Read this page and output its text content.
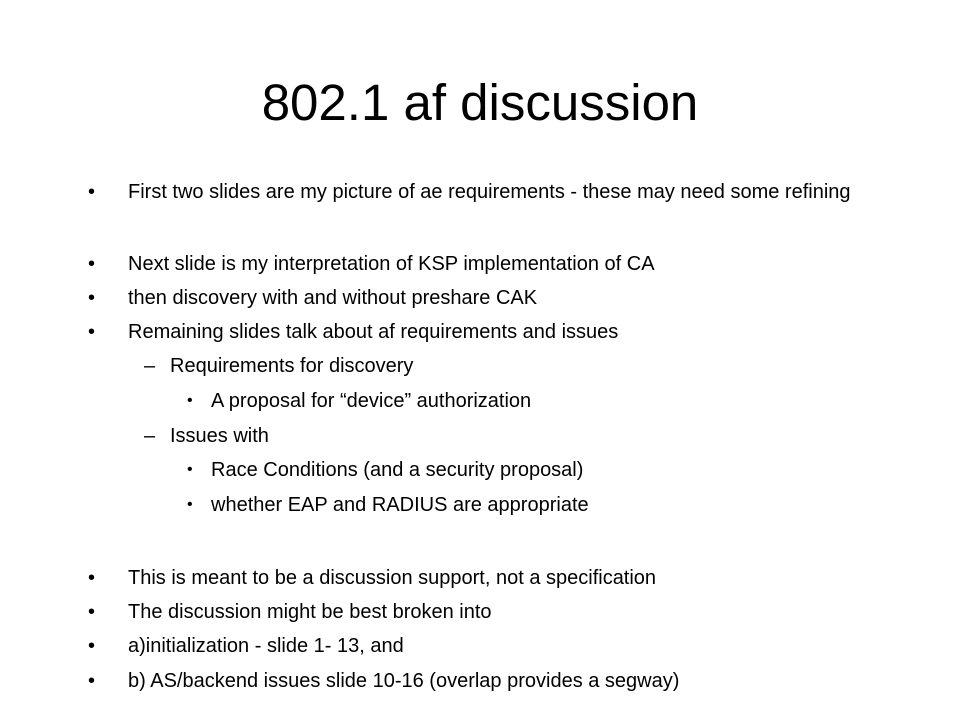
802.1 af discussion
• First two slides are my picture of ae requirements - these may need some refining
• Next slide is my interpretation of KSP implementation of CA
• then discovery with and without preshare CAK
• Remaining slides talk about af requirements and issues
– Requirements for discovery
• A proposal for “device” authorization
– Issues with
• Race Conditions (and a security proposal)
• whether EAP and RADIUS are appropriate
• This is meant to be a discussion support, not a specification
• The discussion might be best broken into
• a)initialization - slide 1- 13, and
• b) AS/backend issues slide 10-16 (overlap provides a segway)
